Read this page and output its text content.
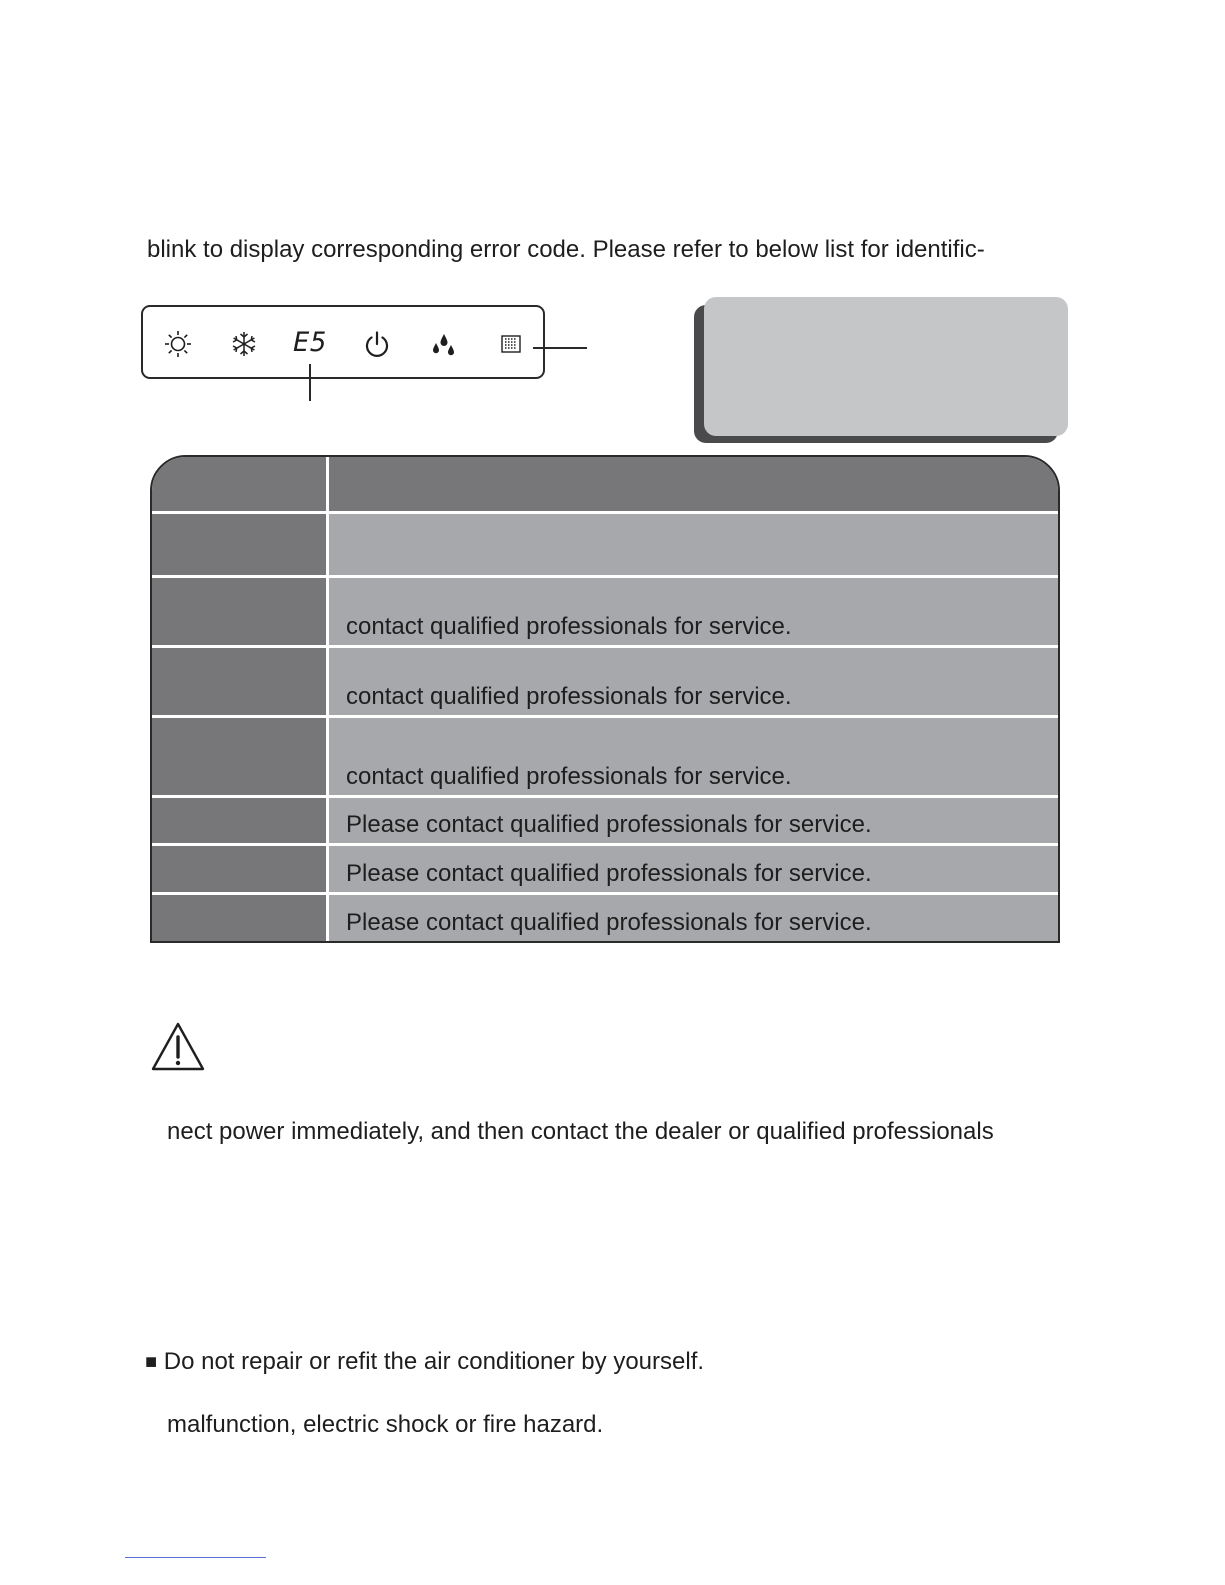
blink to display corresponding error code. Please refer to below list for identific-

E5
contact qualified professionals for service.
contact qualified professionals for service.
contact qualified professionals for service.
Please contact qualified professionals for service.
Please contact qualified professionals for service.
Please contact qualified professionals for service.

nect power immediately, and then contact the dealer or qualified professionals

■ Do not repair or refit the air conditioner by yourself.

malfunction, electric shock or fire hazard.
